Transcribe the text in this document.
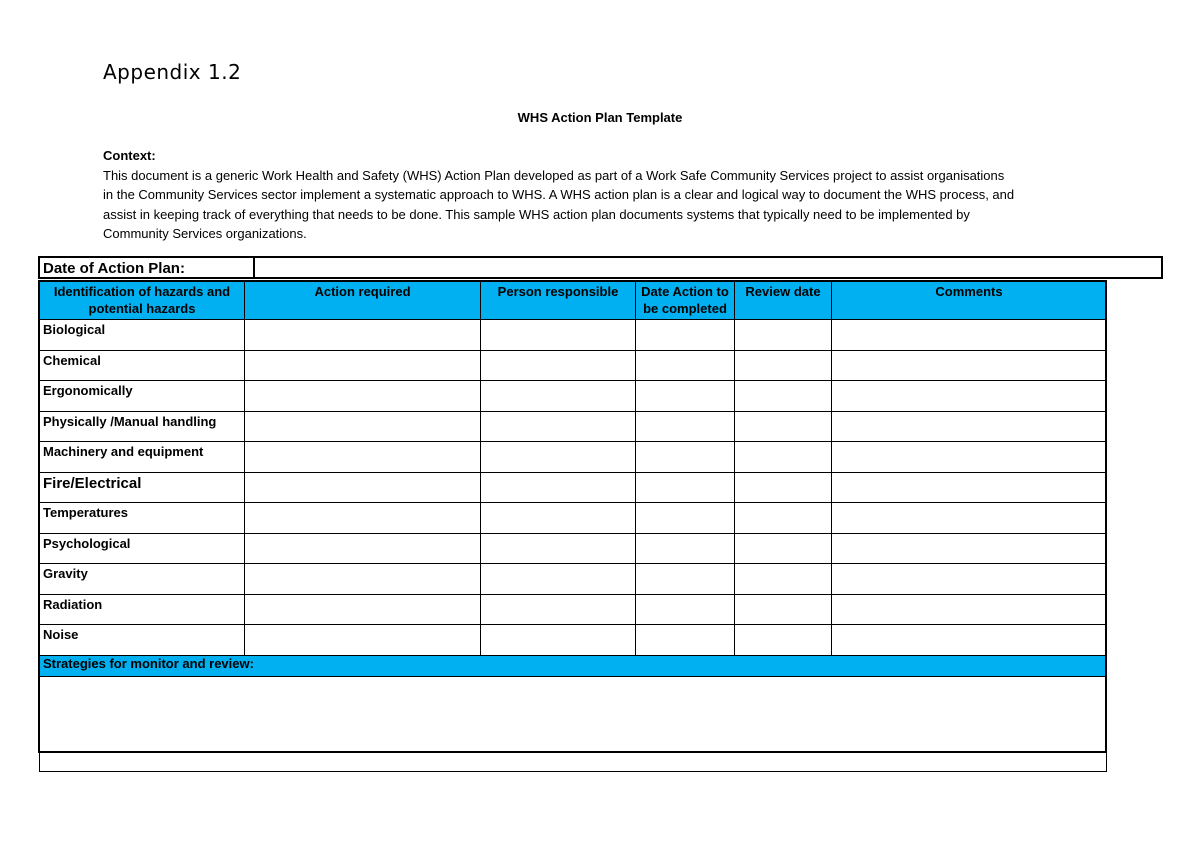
Appendix 1.2
WHS Action Plan Template
Context:

This document is a generic Work Health and Safety (WHS) Action Plan developed as part of a Work Safe Community Services project to assist organisations

in the Community Services sector implement a systematic approach to WHS. A WHS action plan is a clear and logical way to document the WHS process, and

assist in keeping track of everything that needs to be done. This sample WHS action plan documents systems that typically need to be implemented by

Community Services organizations.

Date of Action Plan:
Identification of hazards and potential hazards	Action required	Person responsible	Date Action to be completed	Review date	Comments
Biological					
Chemical					
Ergonomically					
Physically /Manual handling					
Machinery and equipment					
Fire/Electrical					
Temperatures					
Psychological					
Gravity					
Radiation					
Noise					
Strategies for monitor and review:					
